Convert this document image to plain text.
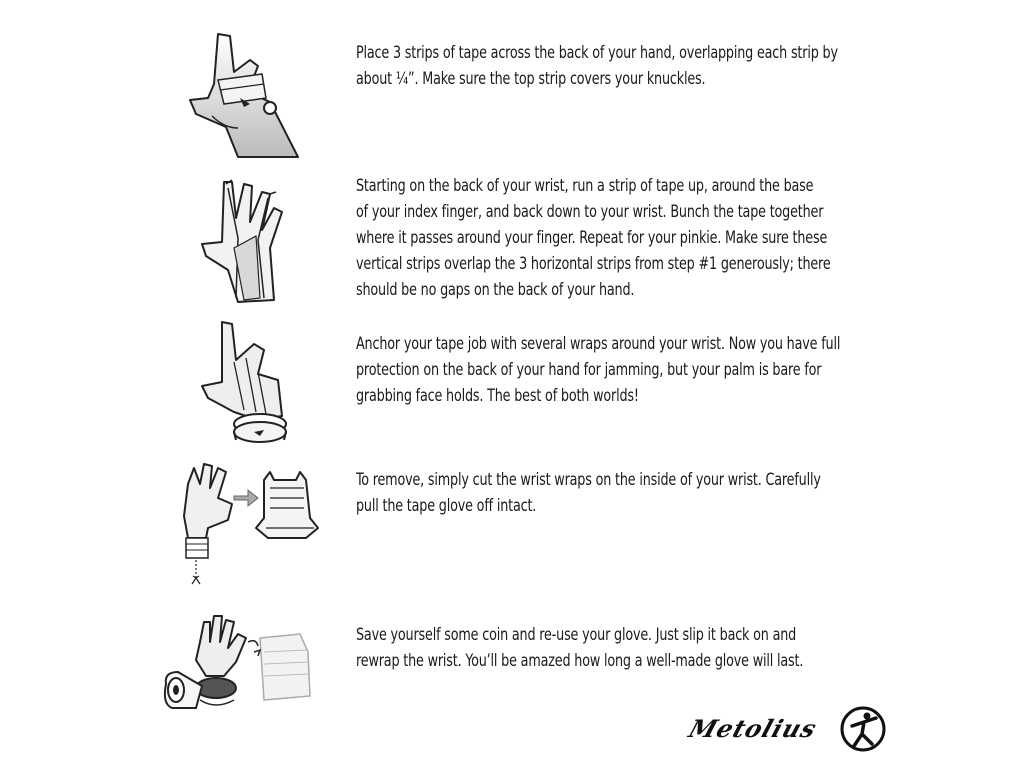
Place 3 strips of tape across the back of your hand, overlapping each strip by

about ¼”. Make sure the top strip covers your knuckles.

Starting on the back of your wrist, run a strip of tape up, around the base

of your index finger, and back down to your wrist. Bunch the tape together

where it passes around your finger. Repeat for your pinkie. Make sure these

vertical strips overlap the 3 horizontal strips from step #1 generously; there

should be no gaps on the back of your hand.

Anchor your tape job with several wraps around your wrist. Now you have full

protection on the back of your hand for jamming, but your palm is bare for

grabbing face holds. The best of both worlds!

To remove, simply cut the wrist wraps on the inside of your wrist. Carefully

pull the tape glove off intact.

Save yourself some coin and re-use your glove. Just slip it back on and

rewrap the wrist. You’ll be amazed how long a well-made glove will last.

Metolius
